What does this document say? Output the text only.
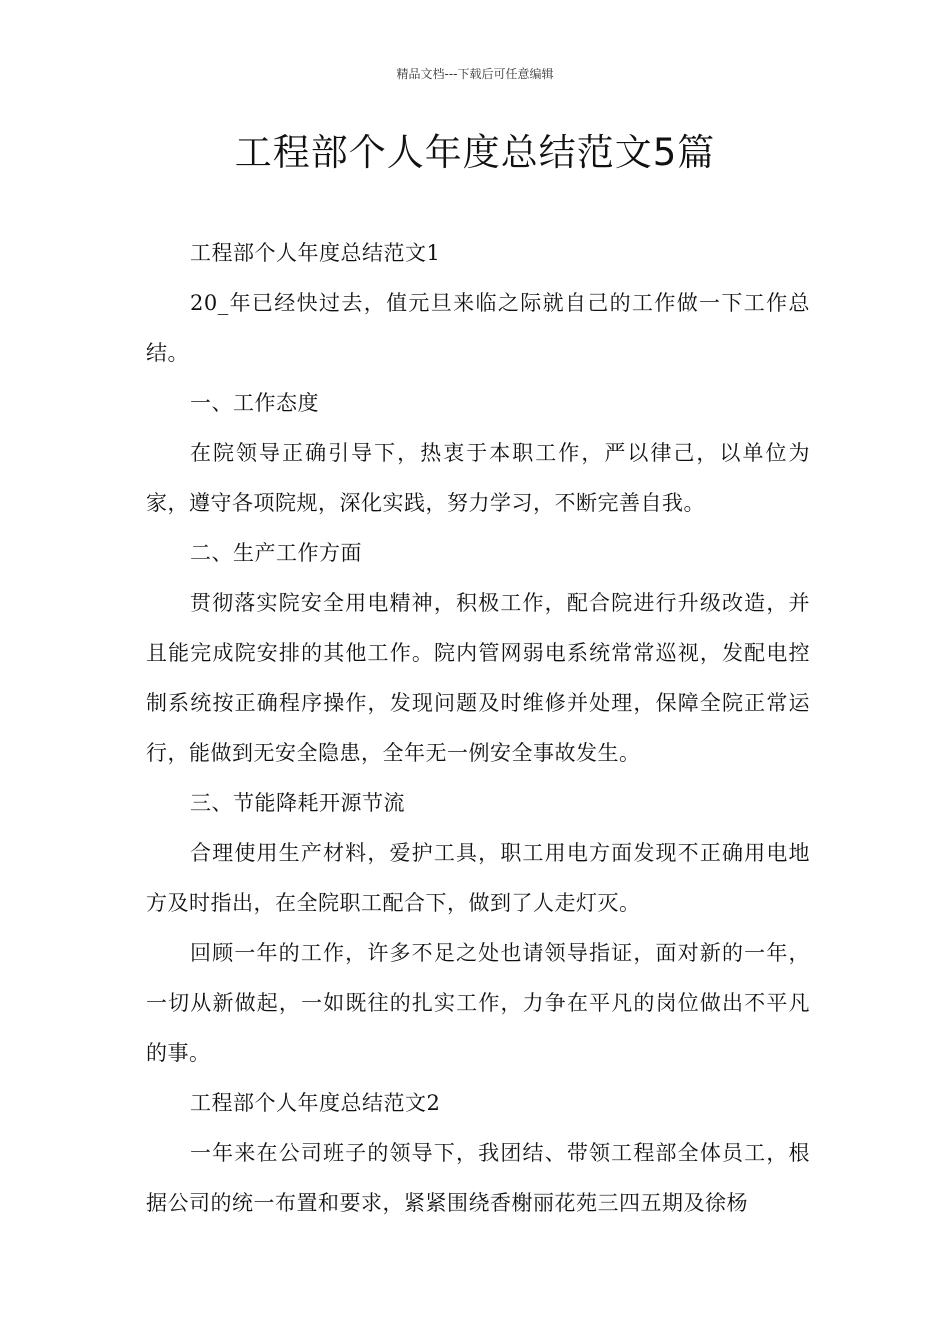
精品文档---下载后可任意编辑
工程部个人年度总结范文5篇

工程部个人年度总结范文1

20_年已经快过去，值元旦来临之际就自己的工作做一下工作总结。

一、工作态度

在院领导正确引导下，热衷于本职工作，严以律己，以单位为家，遵守各项院规，深化实践，努力学习，不断完善自我。

二、生产工作方面

贯彻落实院安全用电精神，积极工作，配合院进行升级改造，并且能完成院安排的其他工作。院内管网弱电系统常常巡视，发配电控制系统按正确程序操作，发现问题及时维修并处理，保障全院正常运行，能做到无安全隐患，全年无一例安全事故发生。

三、节能降耗开源节流

合理使用生产材料，爱护工具，职工用电方面发现不正确用电地方及时指出，在全院职工配合下，做到了人走灯灭。

回顾一年的工作，许多不足之处也请领导指证，面对新的一年，一切从新做起，一如既往的扎实工作，力争在平凡的岗位做出不平凡的事。

工程部个人年度总结范文2

一年来在公司班子的领导下，我团结、带领工程部全体员工，根据公司的统一布置和要求，紧紧围绕香榭丽花苑三四五期及徐杨
